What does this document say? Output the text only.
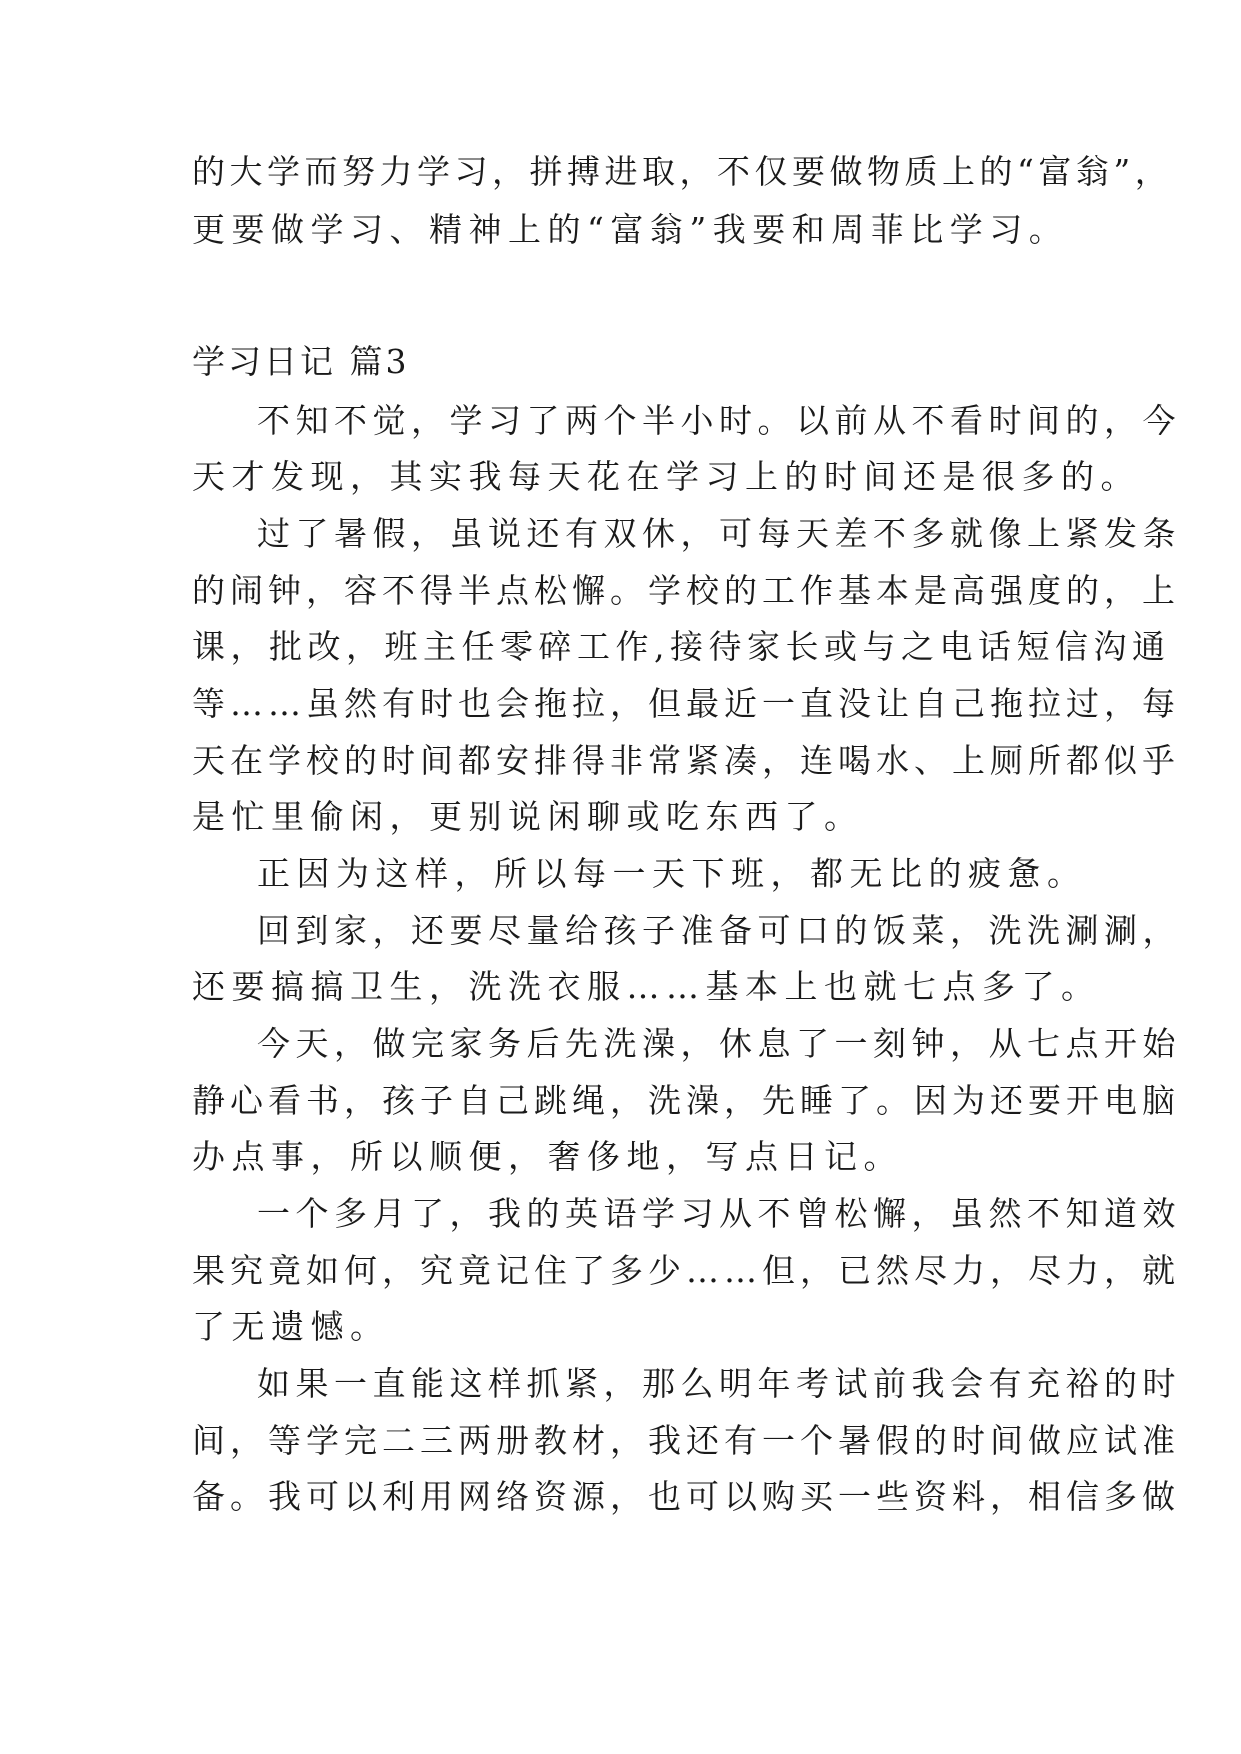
的大学而努力学习，拼搏进取，不仅要做物质上的“富翁”，
更要做学习、精神上的“富翁”我要和周菲比学习。
学习日记 篇3
不知不觉，学习了两个半小时。以前从不看时间的，今
天才发现，其实我每天花在学习上的时间还是很多的。
过了暑假，虽说还有双休，可每天差不多就像上紧发条
的闹钟，容不得半点松懈。学校的工作基本是高强度的，上
课，批改，班主任零碎工作,接待家长或与之电话短信沟通
等……虽然有时也会拖拉，但最近一直没让自己拖拉过，每
天在学校的时间都安排得非常紧凑，连喝水、上厕所都似乎
是忙里偷闲，更别说闲聊或吃东西了。
正因为这样，所以每一天下班，都无比的疲惫。
回到家，还要尽量给孩子准备可口的饭菜，洗洗涮涮，
还要搞搞卫生，洗洗衣服……基本上也就七点多了。
今天，做完家务后先洗澡，休息了一刻钟，从七点开始
静心看书，孩子自己跳绳，洗澡，先睡了。因为还要开电脑
办点事，所以顺便，奢侈地，写点日记。
一个多月了，我的英语学习从不曾松懈，虽然不知道效
果究竟如何，究竟记住了多少……但，已然尽力，尽力，就
了无遗憾。
如果一直能这样抓紧，那么明年考试前我会有充裕的时
间，等学完二三两册教材，我还有一个暑假的时间做应试准
备。我可以利用网络资源，也可以购买一些资料，相信多做
